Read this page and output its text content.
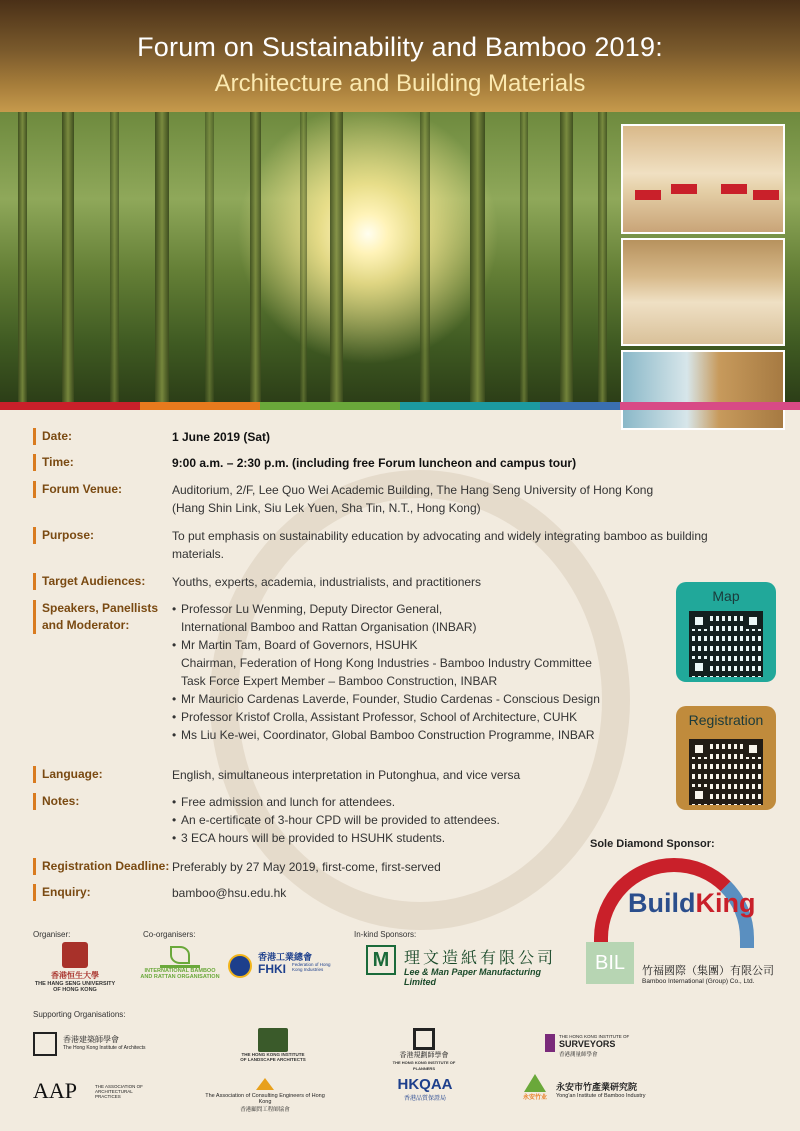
Forum on Sustainability and Bamboo 2019:
Architecture and Building Materials
Date:	1 June 2019 (Sat)
Time:	9:00 a.m. – 2:30 p.m. (including free Forum luncheon and campus tour)
Forum Venue:	Auditorium, 2/F, Lee Quo Wei Academic Building, The Hang Seng University of Hong Kong
(Hang Shin Link, Siu Lek Yuen, Sha Tin, N.T., Hong Kong)
Purpose:	To put emphasis on sustainability education by advocating and widely integrating bamboo as building
materials.
Target Audiences: Youths, experts, academia, industrialists, and practitioners
Speakers, Panellists
and Moderator:
• Professor Lu Wenming, Deputy Director General,
International Bamboo and Rattan Organisation (INBAR)
• Mr Martin Tam, Board of Governors, HSUHK
Chairman, Federation of Hong Kong Industries - Bamboo Industry Committee
Task Force Expert Member – Bamboo Construction, INBAR
• Mr Mauricio Cardenas Laverde, Founder, Studio Cardenas - Conscious Design
• Professor Kristof Crolla, Assistant Professor, School of Architecture, CUHK
• Ms Liu Ke-wei, Coordinator, Global Bamboo Construction Programme, INBAR
Language:	English, simultaneous interpretation in Putonghua, and vice versa
Notes:	• Free admission and lunch for attendees.
• An e-certificate of 3-hour CPD will be provided to attendees.
• 3 ECA hours will be provided to HSUHK students.
Registration Deadline: Preferably by 27 May 2019, first-come, first-served
Enquiry:	bamboo@hsu.edu.hk
Map
Registration
Sole Diamond Sponsor:
BuildKing
Organiser:
香港恒生大學
THE HANG SENG UNIVERSITY
OF HONG KONG
Co-organisers:
INTERNATIONAL BAMBOO
AND RATTAN ORGANISATION
香港工業總會
FHKI Federation of Hong Kong Industries
In-kind Sponsors:
M 理文造紙有限公司
Lee & Man Paper Manufacturing Limited
BIL	竹福國際（集團）有限公司
Bamboo International (Group) Co., Ltd.
Supporting Organisations:
香港建築師學會
The Hong Kong Institute of Architects
AAP	THE ASSOCIATION OF ARCHITECTURAL PRACTICES
THE HONG KONG INSTITUTE OF LANDSCAPE ARCHITECTS
The Association of Consulting Engineers of Hong Kong
香港顧問工程師協會
香港規劃師學會
THE HONG KONG INSTITUTE OF PLANNERS
HKQAA
香港品質保證局
THE HONG KONG INSTITUTE OF
SURVEYORS
香港測量師學會
永安竹业
永安市竹產業研究院
Yong'an Institute of Bamboo Industry
